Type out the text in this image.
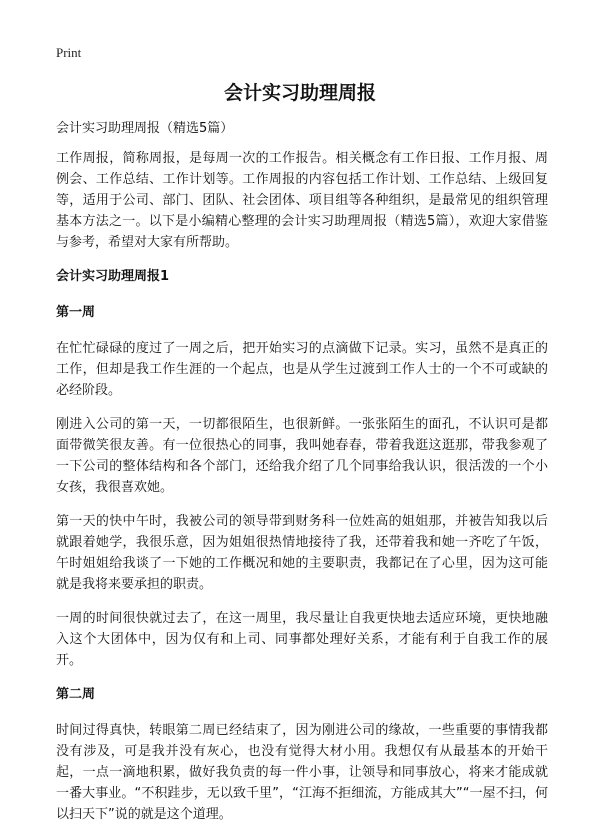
Print
会计实习助理周报

会计实习助理周报（精选5篇）

工作周报，简称周报，是每周一次的工作报告。相关概念有工作日报、工作月报、周例会、工作总结、工作计划等。工作周报的内容包括工作计划、工作总结、上级回复等，适用于公司、部门、团队、社会团体、项目组等各种组织，是最常见的组织管理基本方法之一。以下是小编精心整理的会计实习助理周报（精选5篇），欢迎大家借鉴与参考，希望对大家有所帮助。

会计实习助理周报1

第一周

在忙忙碌碌的度过了一周之后，把开始实习的点滴做下记录。实习，虽然不是真正的工作，但却是我工作生涯的一个起点，也是从学生过渡到工作人士的一个不可或缺的必经阶段。

刚进入公司的第一天，一切都很陌生，也很新鲜。一张张陌生的面孔，不认识可是都面带微笑很友善。有一位很热心的同事，我叫她春春，带着我逛这逛那，带我参观了一下公司的整体结构和各个部门，还给我介绍了几个同事给我认识，很活泼的一个小女孩，我很喜欢她。

第一天的快中午时，我被公司的领导带到财务科一位姓高的姐姐那，并被告知我以后就跟着她学，我很乐意，因为姐姐很热情地接待了我，还带着我和她一齐吃了午饭，午时姐姐给我谈了一下她的工作概况和她的主要职责，我都记在了心里，因为这可能就是我将来要承担的职责。

一周的时间很快就过去了，在这一周里，我尽量让自我更快地去适应环境，更快地融入这个大团体中，因为仅有和上司、同事都处理好关系，才能有利于自我工作的展开。

第二周

时间过得真快，转眼第二周已经结束了，因为刚进公司的缘故，一些重要的事情我都没有涉及，可是我并没有灰心，也没有觉得大材小用。我想仅有从最基本的开始干起，一点一滴地积累，做好我负责的每一件小事，让领导和同事放心，将来才能成就一番大事业。“不积跬步，无以致千里”，“江海不拒细流，方能成其大”“一屋不扫，何以扫天下”说的就是这个道理。
